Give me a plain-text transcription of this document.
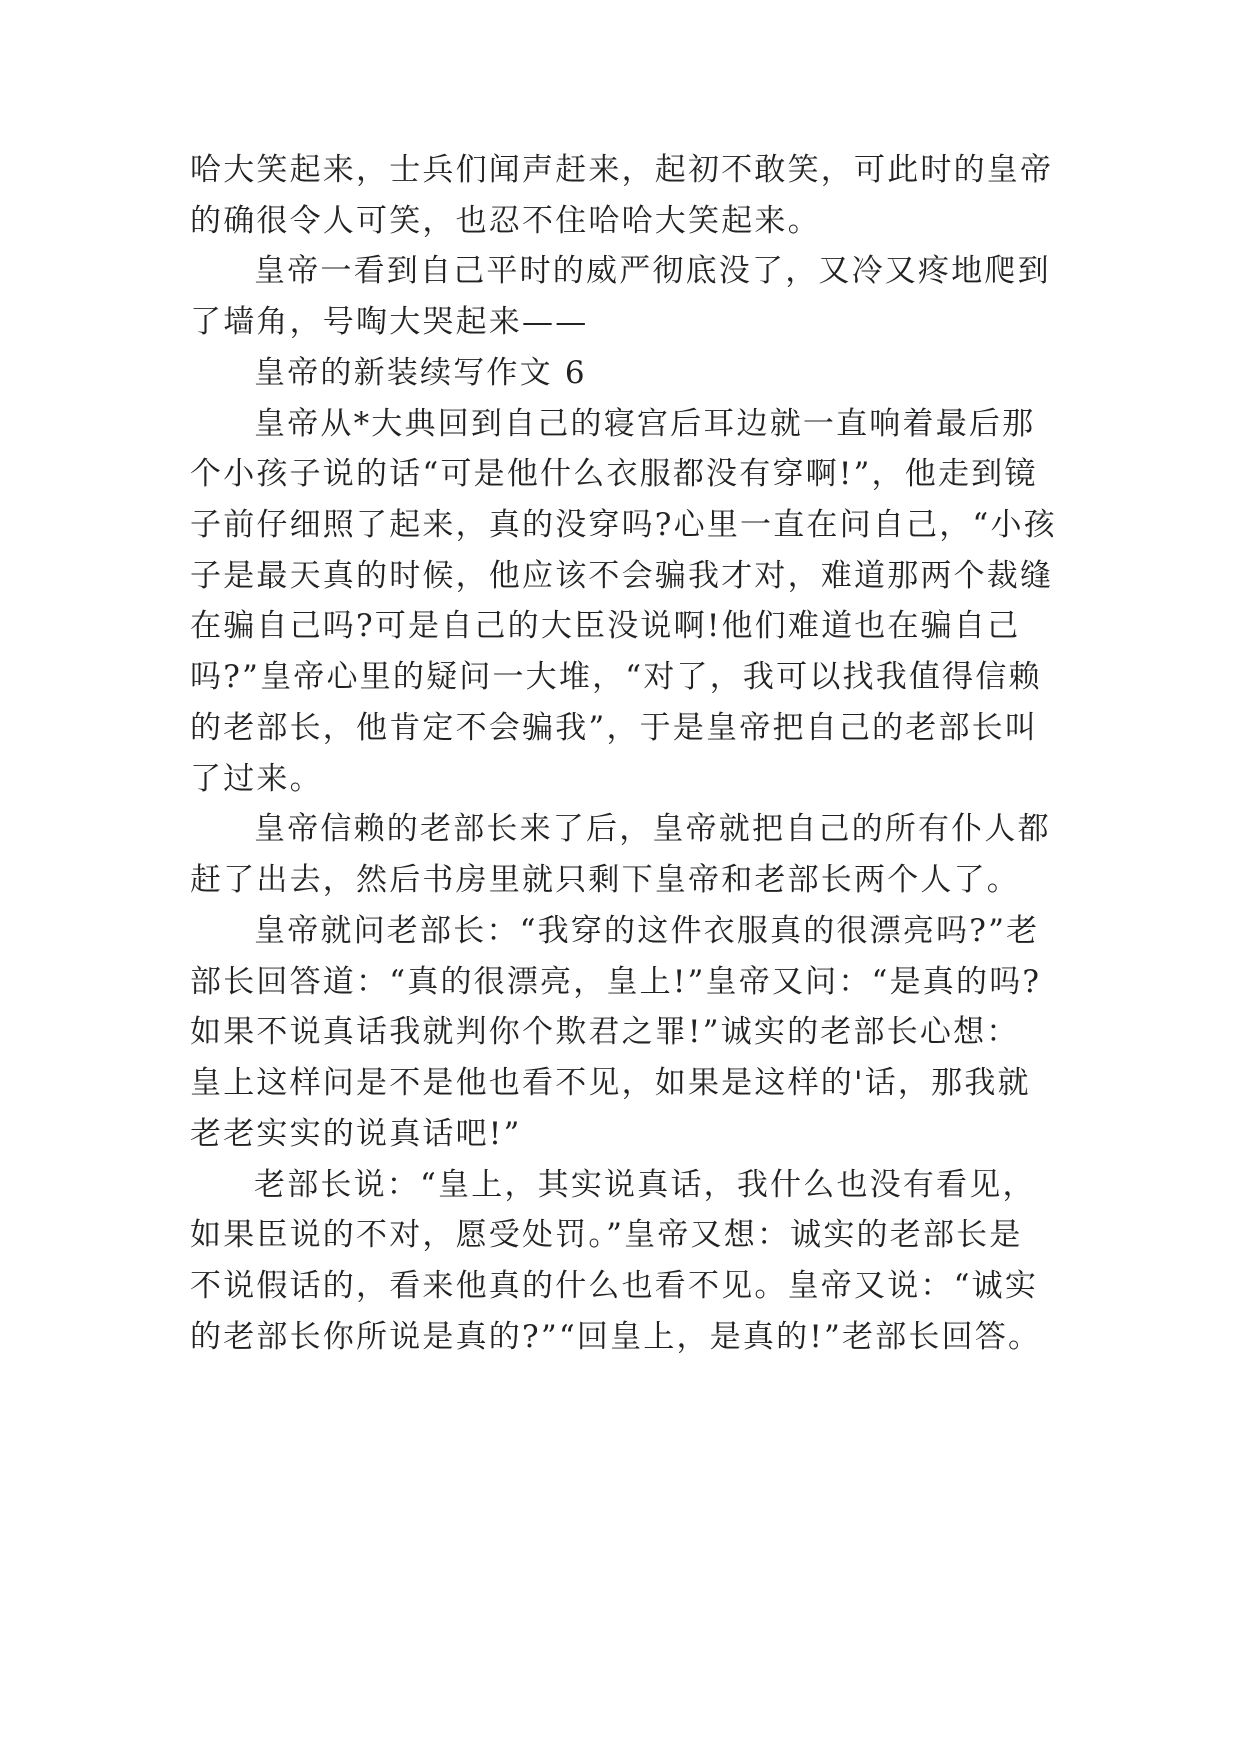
哈大笑起来，士兵们闻声赶来，起初不敢笑，可此时的皇帝
的确很令人可笑，也忍不住哈哈大笑起来。
皇帝一看到自己平时的威严彻底没了，又冷又疼地爬到
了墙角，号啕大哭起来——
皇帝的新装续写作文 6
皇帝从*大典回到自己的寝宫后耳边就一直响着最后那
个小孩子说的话“可是他什么衣服都没有穿啊!”，他走到镜
子前仔细照了起来，真的没穿吗?心里一直在问自己，“小孩
子是最天真的时候，他应该不会骗我才对，难道那两个裁缝
在骗自己吗?可是自己的大臣没说啊!他们难道也在骗自己
吗?”皇帝心里的疑问一大堆，“对了，我可以找我值得信赖
的老部长，他肯定不会骗我”，于是皇帝把自己的老部长叫
了过来。
皇帝信赖的老部长来了后，皇帝就把自己的所有仆人都
赶了出去，然后书房里就只剩下皇帝和老部长两个人了。
皇帝就问老部长：“我穿的这件衣服真的很漂亮吗?”老
部长回答道：“真的很漂亮，皇上!”皇帝又问：“是真的吗?
如果不说真话我就判你个欺君之罪!”诚实的老部长心想：
皇上这样问是不是他也看不见，如果是这样的'话，那我就
老老实实的说真话吧!”
老部长说：“皇上，其实说真话，我什么也没有看见，
如果臣说的不对，愿受处罚。”皇帝又想：诚实的老部长是
不说假话的，看来他真的什么也看不见。皇帝又说：“诚实
的老部长你所说是真的?”“回皇上，是真的!”老部长回答。
